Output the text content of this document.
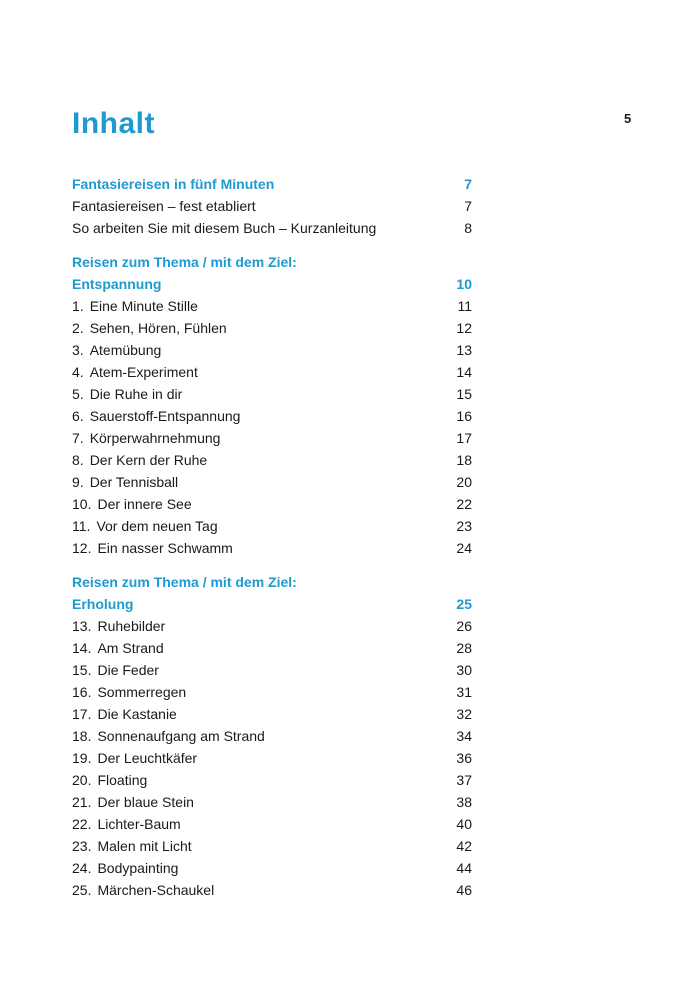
5
Inhalt
Fantasiereisen in fünf Minuten	7
Fantasiereisen – fest etabliert	7
So arbeiten Sie mit diesem Buch – Kurzanleitung	8
Reisen zum Thema / mit dem Ziel:
Entspannung	10
1. Eine Minute Stille	11
2. Sehen, Hören, Fühlen	12
3. Atemübung	13
4. Atem-Experiment	14
5. Die Ruhe in dir	15
6. Sauerstoff-Entspannung	16
7. Körperwahrnehmung	17
8. Der Kern der Ruhe	18
9. Der Tennisball	20
10. Der innere See	22
11. Vor dem neuen Tag	23
12. Ein nasser Schwamm	24
Reisen zum Thema / mit dem Ziel:
Erholung	25
13. Ruhebilder	26
14. Am Strand	28
15. Die Feder	30
16. Sommerregen	31
17. Die Kastanie	32
18. Sonnenaufgang am Strand	34
19. Der Leuchtkäfer	36
20. Floating	37
21. Der blaue Stein	38
22. Lichter-Baum	40
23. Malen mit Licht	42
24. Bodypainting	44
25. Märchen-Schaukel	46
